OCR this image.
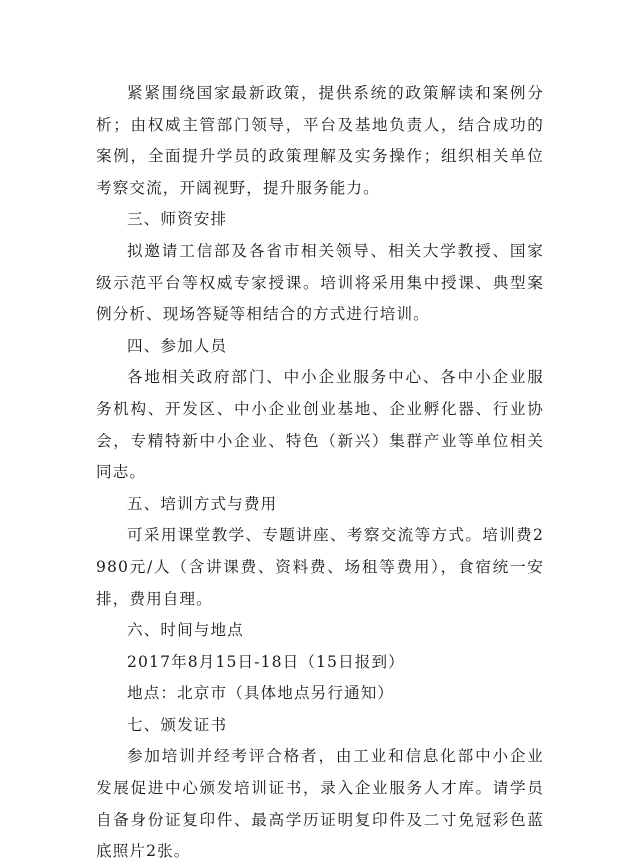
紧紧围绕国家最新政策，提供系统的政策解读和案例分析；由权威主管部门领导，平台及基地负责人，结合成功的案例，全面提升学员的政策理解及实务操作；组织相关单位考察交流，开阔视野，提升服务能力。

三、师资安排

拟邀请工信部及各省市相关领导、相关大学教授、国家级示范平台等权威专家授课。培训将采用集中授课、典型案例分析、现场答疑等相结合的方式进行培训。

四、参加人员

各地相关政府部门、中小企业服务中心、各中小企业服务机构、开发区、中小企业创业基地、企业孵化器、行业协会，专精特新中小企业、特色（新兴）集群产业等单位相关同志。

五、培训方式与费用

可采用课堂教学、专题讲座、考察交流等方式。培训费2980元/人（含讲课费、资料费、场租等费用），食宿统一安排，费用自理。

六、时间与地点

2017年8月15日-18日（15日报到）

地点：北京市（具体地点另行通知）

七、颁发证书

参加培训并经考评合格者，由工业和信息化部中小企业发展促进中心颁发培训证书，录入企业服务人才库。请学员自备身份证复印件、最高学历证明复印件及二寸免冠彩色蓝底照片2张。
